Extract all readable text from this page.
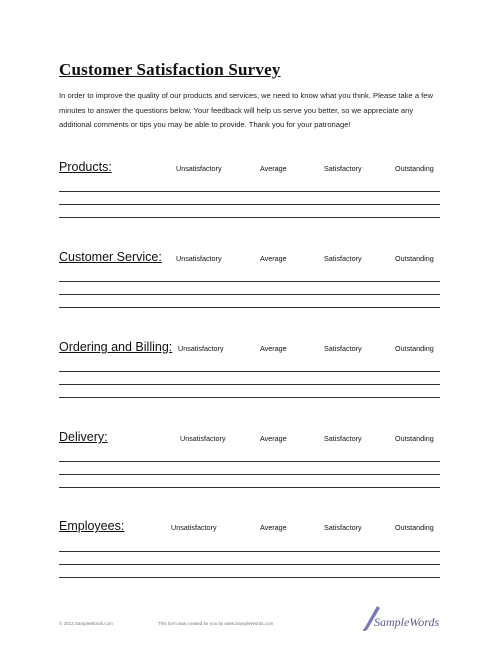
Customer Satisfaction Survey
In order to improve the quality of our products and services, we need to know what you think. Please take a few minutes to answer the questions below. Your feedback will help us serve you better, so we appreciate any additional comments or tips you may be able to provide. Thank you for your patronage!
Products:	Unsatisfactory	Average	Satisfactory	Outstanding
Customer Service: Unsatisfactory	Average	Satisfactory	Outstanding
Ordering and Billing: Unsatisfactory	Average	Satisfactory	Outstanding
Delivery:	Unsatisfactory	Average	Satisfactory	Outstanding
Employees:	Unsatisfactory	Average	Satisfactory	Outstanding
© 2013 SampleWords.com	This form was created for you by www.SampleWords.com	SampleWords
